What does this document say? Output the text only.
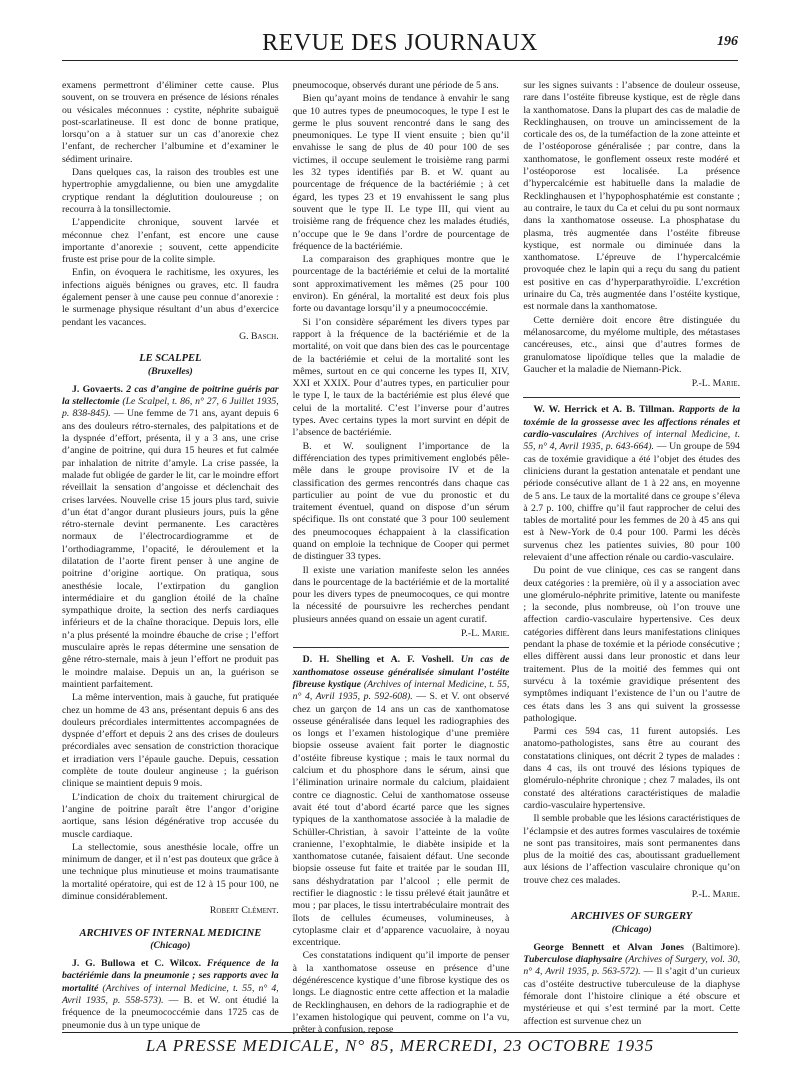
REVUE DES JOURNAUX	196

examens permettront d’éliminer cette cause. Plus souvent, on se trouvera en présence de lésions rénales ou vésicales méconnues : cystite, néphrite subaiguë post-scarlatineuse. Il est donc de bonne pratique, lorsqu’on a à statuer sur un cas d’anorexie chez l’enfant, de rechercher l’albumine et d’examiner le sédiment urinaire.

Dans quelques cas, la raison des troubles est une hypertrophie amygdalienne, ou bien une amygdalite cryptique rendant la déglutition douloureuse ; on recourra à la tonsillectomie.

L’appendicite chronique, souvent larvée et méconnue chez l’enfant, est encore une cause importante d’anorexie ; souvent, cette appendicite fruste est prise pour de la colite simple.

Enfin, on évoquera le rachitisme, les oxyures, les infections aiguës bénignes ou graves, etc. Il faudra également penser à une cause peu connue d’anorexie : le surmenage physique résultant d’un abus d’exercice pendant les vacances.

G. Basch.
LE SCALPEL
(Bruxelles)

J. Govaerts. 2 cas d’angine de poitrine guéris par la stellectomie (Le Scalpel, t. 86, n° 27, 6 Juillet 1935, p. 838-845). — Une femme de 71 ans, ayant depuis 6 ans des douleurs rétro-sternales, des palpitations et de la dyspnée d’effort, présenta, il y a 3 ans, une crise d’angine de poitrine, qui dura 15 heures et fut calmée par inhalation de nitrite d’amyle. La crise passée, la malade fut obligée de garder le lit, car le moindre effort réveillait la sensation d’angoisse et déclenchait des crises larvées. Nouvelle crise 15 jours plus tard, suivie d’un état d’angor durant plusieurs jours, puis la gêne rétro-sternale devint permanente. Les caractères normaux de l’électrocardiogramme et de l’orthodiagramme, l’opacité, le déroulement et la dilatation de l’aorte firent penser à une angine de poitrine d’origine aortique. On pratiqua, sous anesthésie locale, l’extirpation du ganglion intermédiaire et du ganglion étoilé de la chaîne sympathique droite, la section des nerfs cardiaques inférieurs et de la chaîne thoracique. Depuis lors, elle n’a plus présenté la moindre ébauche de crise ; l’effort musculaire après le repas détermine une sensation de gêne rétro-sternale, mais à jeun l’effort ne produit pas le moindre malaise. Depuis un an, la guérison se maintient parfaitement.

La même intervention, mais à gauche, fut pratiquée chez un homme de 43 ans, présentant depuis 6 ans des douleurs précordiales intermittentes accompagnées de dyspnée d’effort et depuis 2 ans des crises de douleurs précordiales avec sensation de constriction thoracique et irradiation vers l’épaule gauche. Depuis, cessation complète de toute douleur angineuse ; la guérison clinique se maintient depuis 9 mois.

L’indication de choix du traitement chirurgical de l’angine de poitrine paraît être l’angor d’origine aortique, sans lésion dégénérative trop accusée du muscle cardiaque.

La stellectomie, sous anesthésie locale, offre un minimum de danger, et il n’est pas douteux que grâce à une technique plus minutieuse et moins traumatisante la mortalité opératoire, qui est de 12 à 15 pour 100, ne diminue considérablement.

Robert Clément.
ARCHIVES OF INTERNAL MEDICINE
(Chicago)

J. G. Bullowa et C. Wilcox. Fréquence de la bactériémie dans la pneumonie ; ses rapports avec la mortalité (Archives of internal Medicine, t. 55, n° 4, Avril 1935, p. 558-573). — B. et W. ont étudié la fréquence de la pneumococcémie dans 1725 cas de pneumonie dus à un type unique de

pneumocoque, observés durant une période de 5 ans.

Bien qu’ayant moins de tendance à envahir le sang que 10 autres types de pneumocoques, le type I est le germe le plus souvent rencontré dans le sang des pneumoniques. Le type II vient ensuite ; bien qu’il envahisse le sang de plus de 40 pour 100 de ses victimes, il occupe seulement le troisième rang parmi les 32 types identifiés par B. et W. quant au pourcentage de fréquence de la bactériémie ; à cet égard, les types 23 et 19 envahissent le sang plus souvent que le type II. Le type III, qui vient au troisième rang de fréquence chez les malades étudiés, n’occupe que le 9e dans l’ordre de pourcentage de fréquence de la bactériémie.

La comparaison des graphiques montre que le pourcentage de la bactériémie et celui de la mortalité sont approximativement les mêmes (25 pour 100 environ). En général, la mortalité est deux fois plus forte ou davantage lorsqu’il y a pneumococcémie.

Si l’on considère séparément les divers types par rapport à la fréquence de la bactériémie et de la mortalité, on voit que dans bien des cas le pourcentage de la bactériémie et celui de la mortalité sont les mêmes, surtout en ce qui concerne les types II, XIV, XXI et XXIX. Pour d’autres types, en particulier pour le type I, le taux de la bactériémie est plus élevé que celui de la mortalité. C’est l’inverse pour d’autres types. Avec certains types la mort survint en dépit de l’absence de bactériémie.

B. et W. soulignent l’importance de la différenciation des types primitivement englobés pêle-mêle dans le groupe provisoire IV et de la classification des germes rencontrés dans chaque cas particulier au point de vue du pronostic et du traitement éventuel, quand on dispose d’un sérum spécifique. Ils ont constaté que 3 pour 100 seulement des pneumocoques échappaient à la classification quand on emploie la technique de Cooper qui permet de distinguer 33 types.

Il existe une variation manifeste selon les années dans le pourcentage de la bactériémie et de la mortalité pour les divers types de pneumocoques, ce qui montre la nécessité de poursuivre les recherches pendant plusieurs années quand on essaie un agent curatif.

P.-L. Marie.

D. H. Shelling et A. F. Voshell. Un cas de xanthomatose osseuse généralisée simulant l’ostéite fibreuse kystique (Archives of internal Medicine, t. 55, n° 4, Avril 1935, p. 592-608). — S. et V. ont observé chez un garçon de 14 ans un cas de xanthomatose osseuse généralisée dans lequel les radiographies des os longs et l’examen histologique d’une première biopsie osseuse avaient fait porter le diagnostic d’ostéite fibreuse kystique ; mais le taux normal du calcium et du phosphore dans le sérum, ainsi que l’élimination urinaire normale du calcium, plaidaient contre ce diagnostic. Celui de xanthomatose osseuse avait été tout d’abord écarté parce que les signes typiques de la xanthomatose associée à la maladie de Schüller-Christian, à savoir l’atteinte de la voûte cranienne, l’exophtalmie, le diabète insipide et la xanthomatose cutanée, faisaient défaut. Une seconde biopsie osseuse fut faite et traitée par le soudan III, sans déshydratation par l’alcool ; elle permit de rectifier le diagnostic : le tissu prélevé était jaunâtre et mou ; par places, le tissu intertrabéculaire montrait des îlots de cellules écumeuses, volumineuses, à cytoplasme clair et d’apparence vacuolaire, à noyau excentrique.

Ces constatations indiquent qu’il importe de penser à la xanthomatose osseuse en présence d’une dégénérescence kystique d’une fibrose kystique des os longs. Le diagnostic entre cette affection et la maladie de Recklinghausen, en dehors de la radiographie et de l’examen histologique qui peuvent, comme on l’a vu, prêter à confusion, repose

sur les signes suivants : l’absence de douleur osseuse, rare dans l’ostéite fibreuse kystique, est de règle dans la xanthomatose. Dans la plupart des cas de maladie de Recklinghausen, on trouve un amincissement de la corticale des os, de la tuméfaction de la zone atteinte et de l’ostéoporose généralisée ; par contre, dans la xanthomatose, le gonflement osseux reste modéré et l’ostéoporose est localisée. La présence d’hypercalcémie est habituelle dans la maladie de Recklinghausen et l’hypophosphatémie est constante ; au contraire, le taux du Ca et celui du pu sont normaux dans la xanthomatose osseuse. La phosphatase du plasma, très augmentée dans l’ostéite fibreuse kystique, est normale ou diminuée dans la xanthomatose. L’épreuve de l’hypercalcémie provoquée chez le lapin qui a reçu du sang du patient est positive en cas d’hyperparathyroïdie. L’excrétion urinaire du Ca, très augmentée dans l’ostéite kystique, est normale dans la xanthomatose.

Cette dernière doit encore être distinguée du mélanosarcome, du myélome multiple, des métastases cancéreuses, etc., ainsi que d’autres formes de granulomatose lipoïdique telles que la maladie de Gaucher et la maladie de Niemann-Pick.

P.-L. Marie.

W. W. Herrick et A. B. Tillman. Rapports de la toxémie de la grossesse avec les affections rénales et cardio-vasculaires (Archives of internal Medicine, t. 55, n° 4, Avril 1935, p. 643-664). — Un groupe de 594 cas de toxémie gravidique a été l’objet des études des cliniciens durant la gestation antenatale et pendant une période consécutive allant de 1 à 22 ans, en moyenne de 5 ans. Le taux de la mortalité dans ce groupe s’éleva à 2.7 p. 100, chiffre qu’il faut rapprocher de celui des tables de mortalité pour les femmes de 20 à 45 ans qui est à New-York de 0.4 pour 100. Parmi les décès survenus chez les patientes suivies, 80 pour 100 relevaient d’une affection rénale ou cardio-vasculaire.

Du point de vue clinique, ces cas se rangent dans deux catégories : la première, où il y a association avec une glomérulo-néphrite primitive, latente ou manifeste ; la seconde, plus nombreuse, où l’on trouve une affection cardio-vasculaire hypertensive. Ces deux catégories diffèrent dans leurs manifestations cliniques pendant la phase de toxémie et la période consécutive ; elles diffèrent aussi dans leur pronostic et dans leur traitement. Plus de la moitié des femmes qui ont survécu à la toxémie gravidique présentent des symptômes indiquant l’existence de l’un ou l’autre de ces états dans les 3 ans qui suivent la grossesse pathologique.

Parmi ces 594 cas, 11 furent autopsiés. Les anatomo-pathologistes, sans être au courant des constatations cliniques, ont décrit 2 types de malades : dans 4 cas, ils ont trouvé des lésions typiques de glomérulo-néphrite chronique ; chez 7 malades, ils ont constaté des altérations caractéristiques de maladie cardio-vasculaire hypertensive.

Il semble probable que les lésions caractéristiques de l’éclampsie et des autres formes vasculaires de toxémie ne sont pas transitoires, mais sont permanentes dans plus de la moitié des cas, aboutissant graduellement aux lésions de l’affection vasculaire chronique qu’on trouve chez ces malades.

P.-L. Marie.
ARCHIVES OF SURGERY
(Chicago)

George Bennett et Alvan Jones (Baltimore). Tuberculose diaphysaire (Archives of Surgery, vol. 30, n° 4, Avril 1935, p. 563-572). — Il s’agit d’un curieux cas d’ostéite destructive tuberculeuse de la diaphyse fémorale dont l’histoire clinique a été obscure et mystérieuse et qui s’est terminé par la mort. Cette affection est survenue chez un

LA PRESSE MEDICALE, N° 85, MERCREDI, 23 OCTOBRE 1935
